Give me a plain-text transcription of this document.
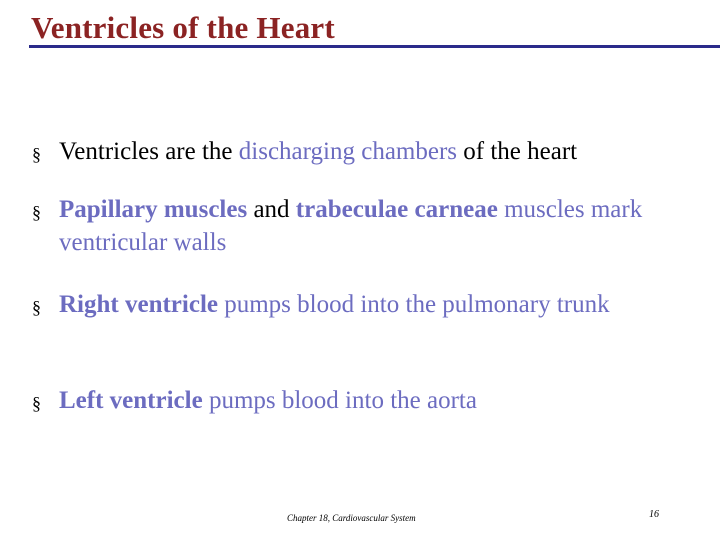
Ventricles of the Heart
§ Ventricles are the discharging chambers of the heart
§ Papillary muscles and trabeculae carneae muscles mark ventricular walls
§ Right ventricle pumps blood into the pulmonary trunk
§ Left ventricle pumps blood into the aorta
Chapter 18, Cardiovascular System	16
